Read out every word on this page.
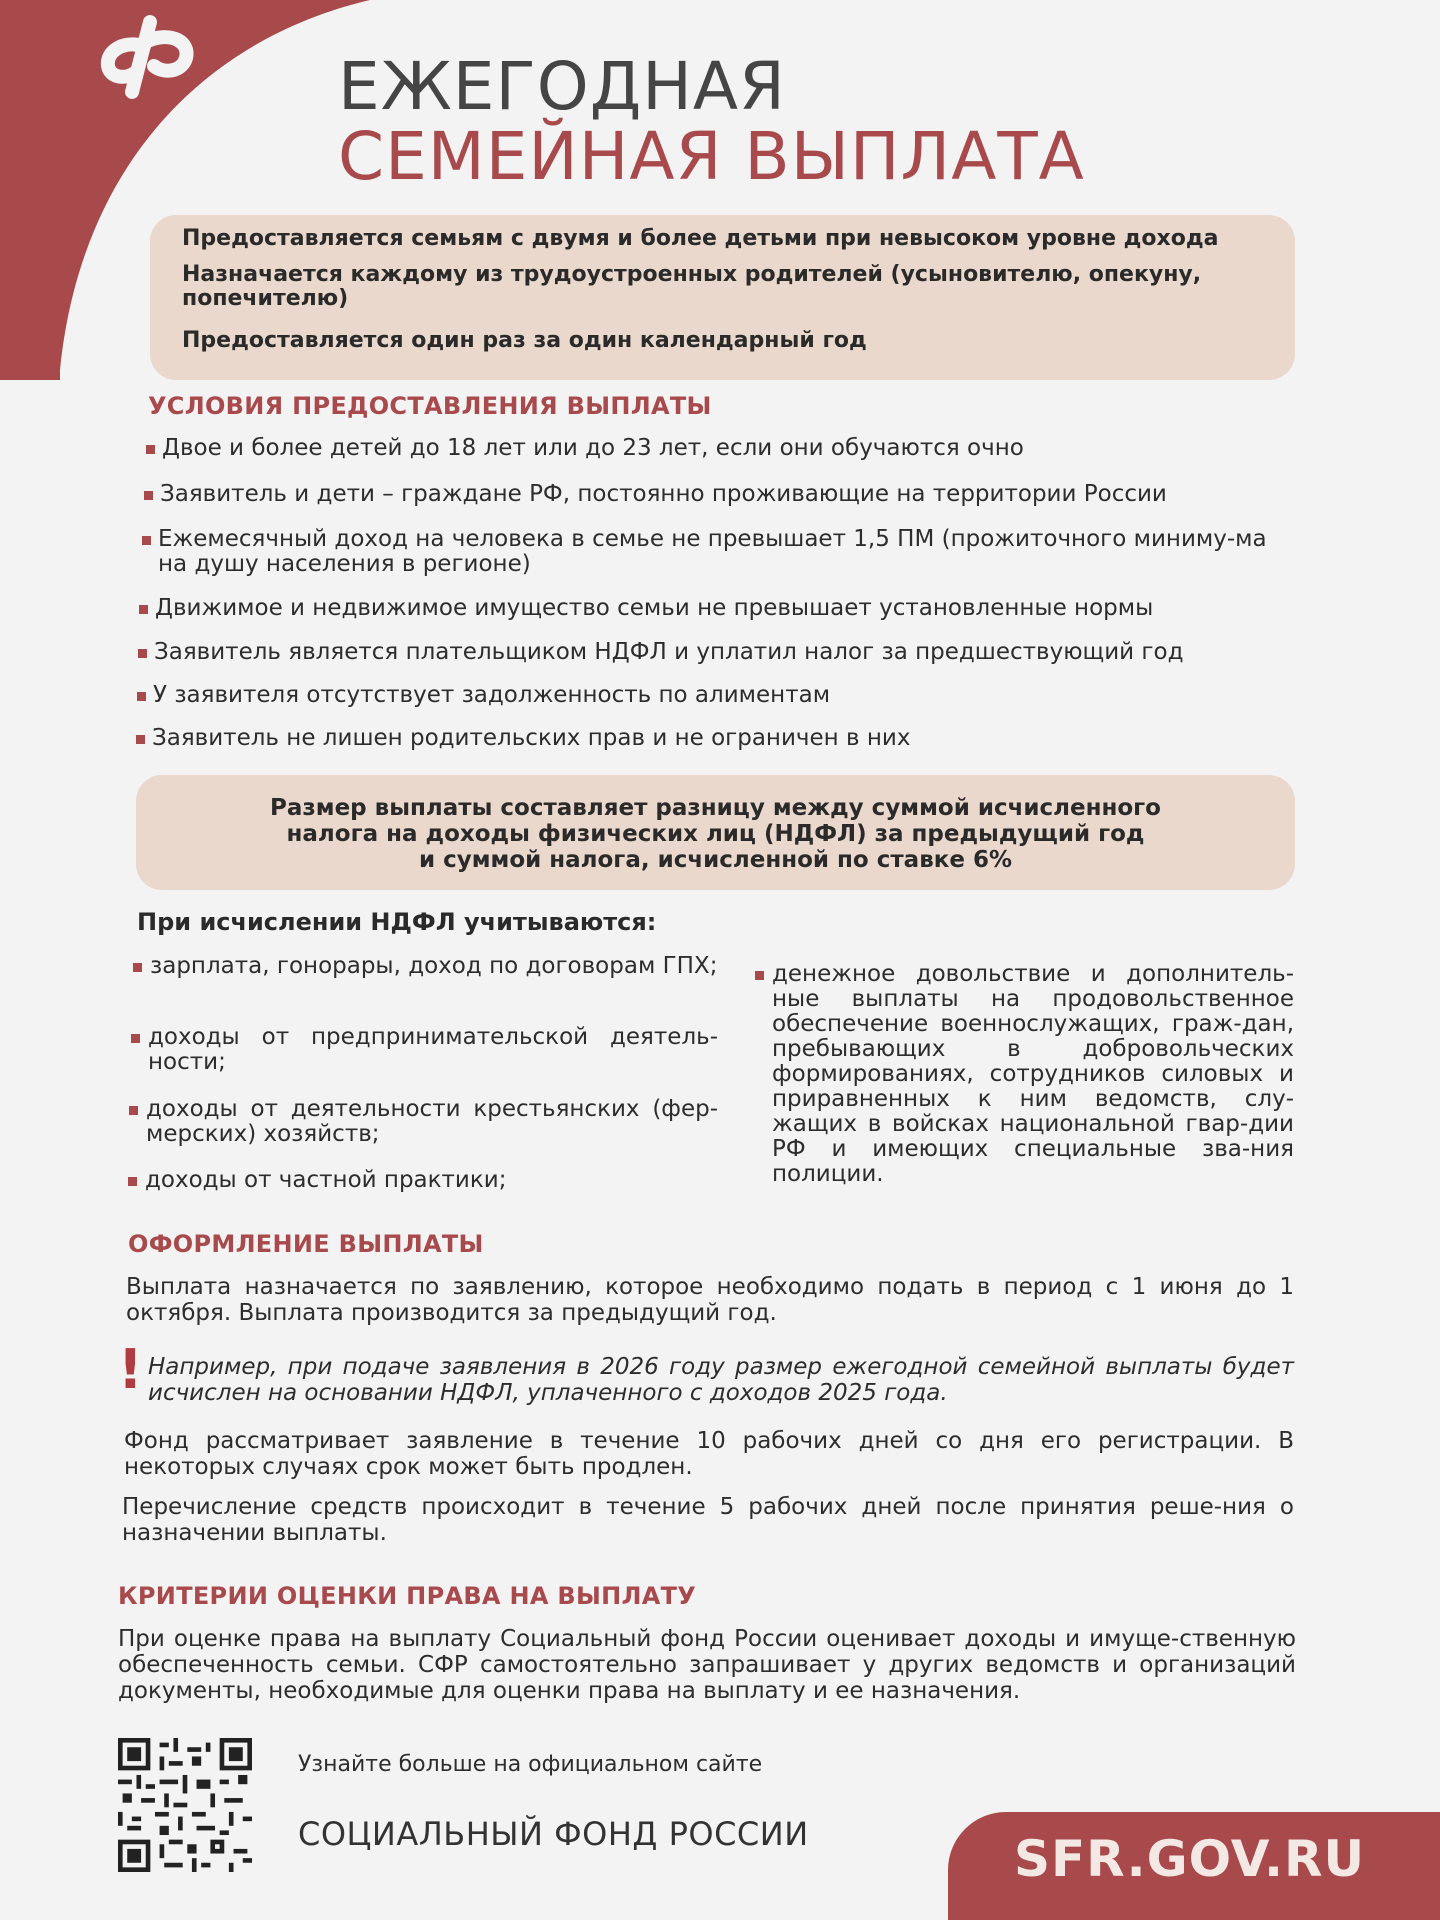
ЕЖЕГОДНАЯ
СЕМЕЙНАЯ ВЫПЛАТА

Предоставляется семьям с двумя и более детьми при невысоком уровне дохода

Назначается каждому из трудоустроенных родителей (усыновителю, опекуну, попечителю)

Предоставляется один раз за один календарный год

УСЛОВИЯ ПРЕДОСТАВЛЕНИЯ ВЫПЛАТЫ
Двое и более детей до 18 лет или до 23 лет, если они обучаются очно
Заявитель и дети – граждане РФ, постоянно проживающие на территории России
Ежемесячный доход на человека в семье не превышает 1,5 ПМ (прожиточного миниму-ма на душу населения в регионе)
Движимое и недвижимое имущество семьи не превышает установленные нормы
Заявитель является плательщиком НДФЛ и уплатил налог за предшествующий год
У заявителя отсутствует задолженность по алиментам
Заявитель не лишен родительских прав и не ограничен в них
Размер выплаты составляет разницу между суммой исчисленного
налога на доходы физических лиц (НДФЛ) за предыдущий год
и суммой налога, исчисленной по ставке 6%
При исчислении НДФЛ учитываются:
зарплата, гонорары, доход по договорам ГПХ;
доходы от предпринимательской деятель-ности;
доходы от деятельности крестьянских (фер-мерских) хозяйств;
доходы от частной практики;
денежное довольствие и дополнитель-ные выплаты на продовольственное обеспечение военнослужащих, граж-дан, пребывающих в добровольческих формированиях, сотрудников силовых и приравненных к ним ведомств, слу-жащих в войсках национальной гвар-дии РФ и имеющих специальные зва-ния полиции.
ОФОРМЛЕНИЕ ВЫПЛАТЫ

Выплата назначается по заявлению, которое необходимо подать в период с 1 июня до 1 октября. Выплата производится за предыдущий год.

! Например, при подаче заявления в 2026 году размер ежегодной семейной выплаты будет исчислен на основании НДФЛ, уплаченного с доходов 2025 года.

Фонд рассматривает заявление в течение 10 рабочих дней со дня его регистрации. В некоторых случаях срок может быть продлен.

Перечисление средств происходит в течение 5 рабочих дней после принятия реше-ния о назначении выплаты.

КРИТЕРИИ ОЦЕНКИ ПРАВА НА ВЫПЛАТУ

При оценке права на выплату Социальный фонд России оценивает доходы и имуще-ственную обеспеченность семьи. СФР самостоятельно запрашивает у других ведомств и организаций документы, необходимые для оценки права на выплату и ее назначения.

Узнайте больше на официальном сайте
СОЦИАЛЬНЫЙ ФОНД РОССИИ	SFR.GOV.RU
